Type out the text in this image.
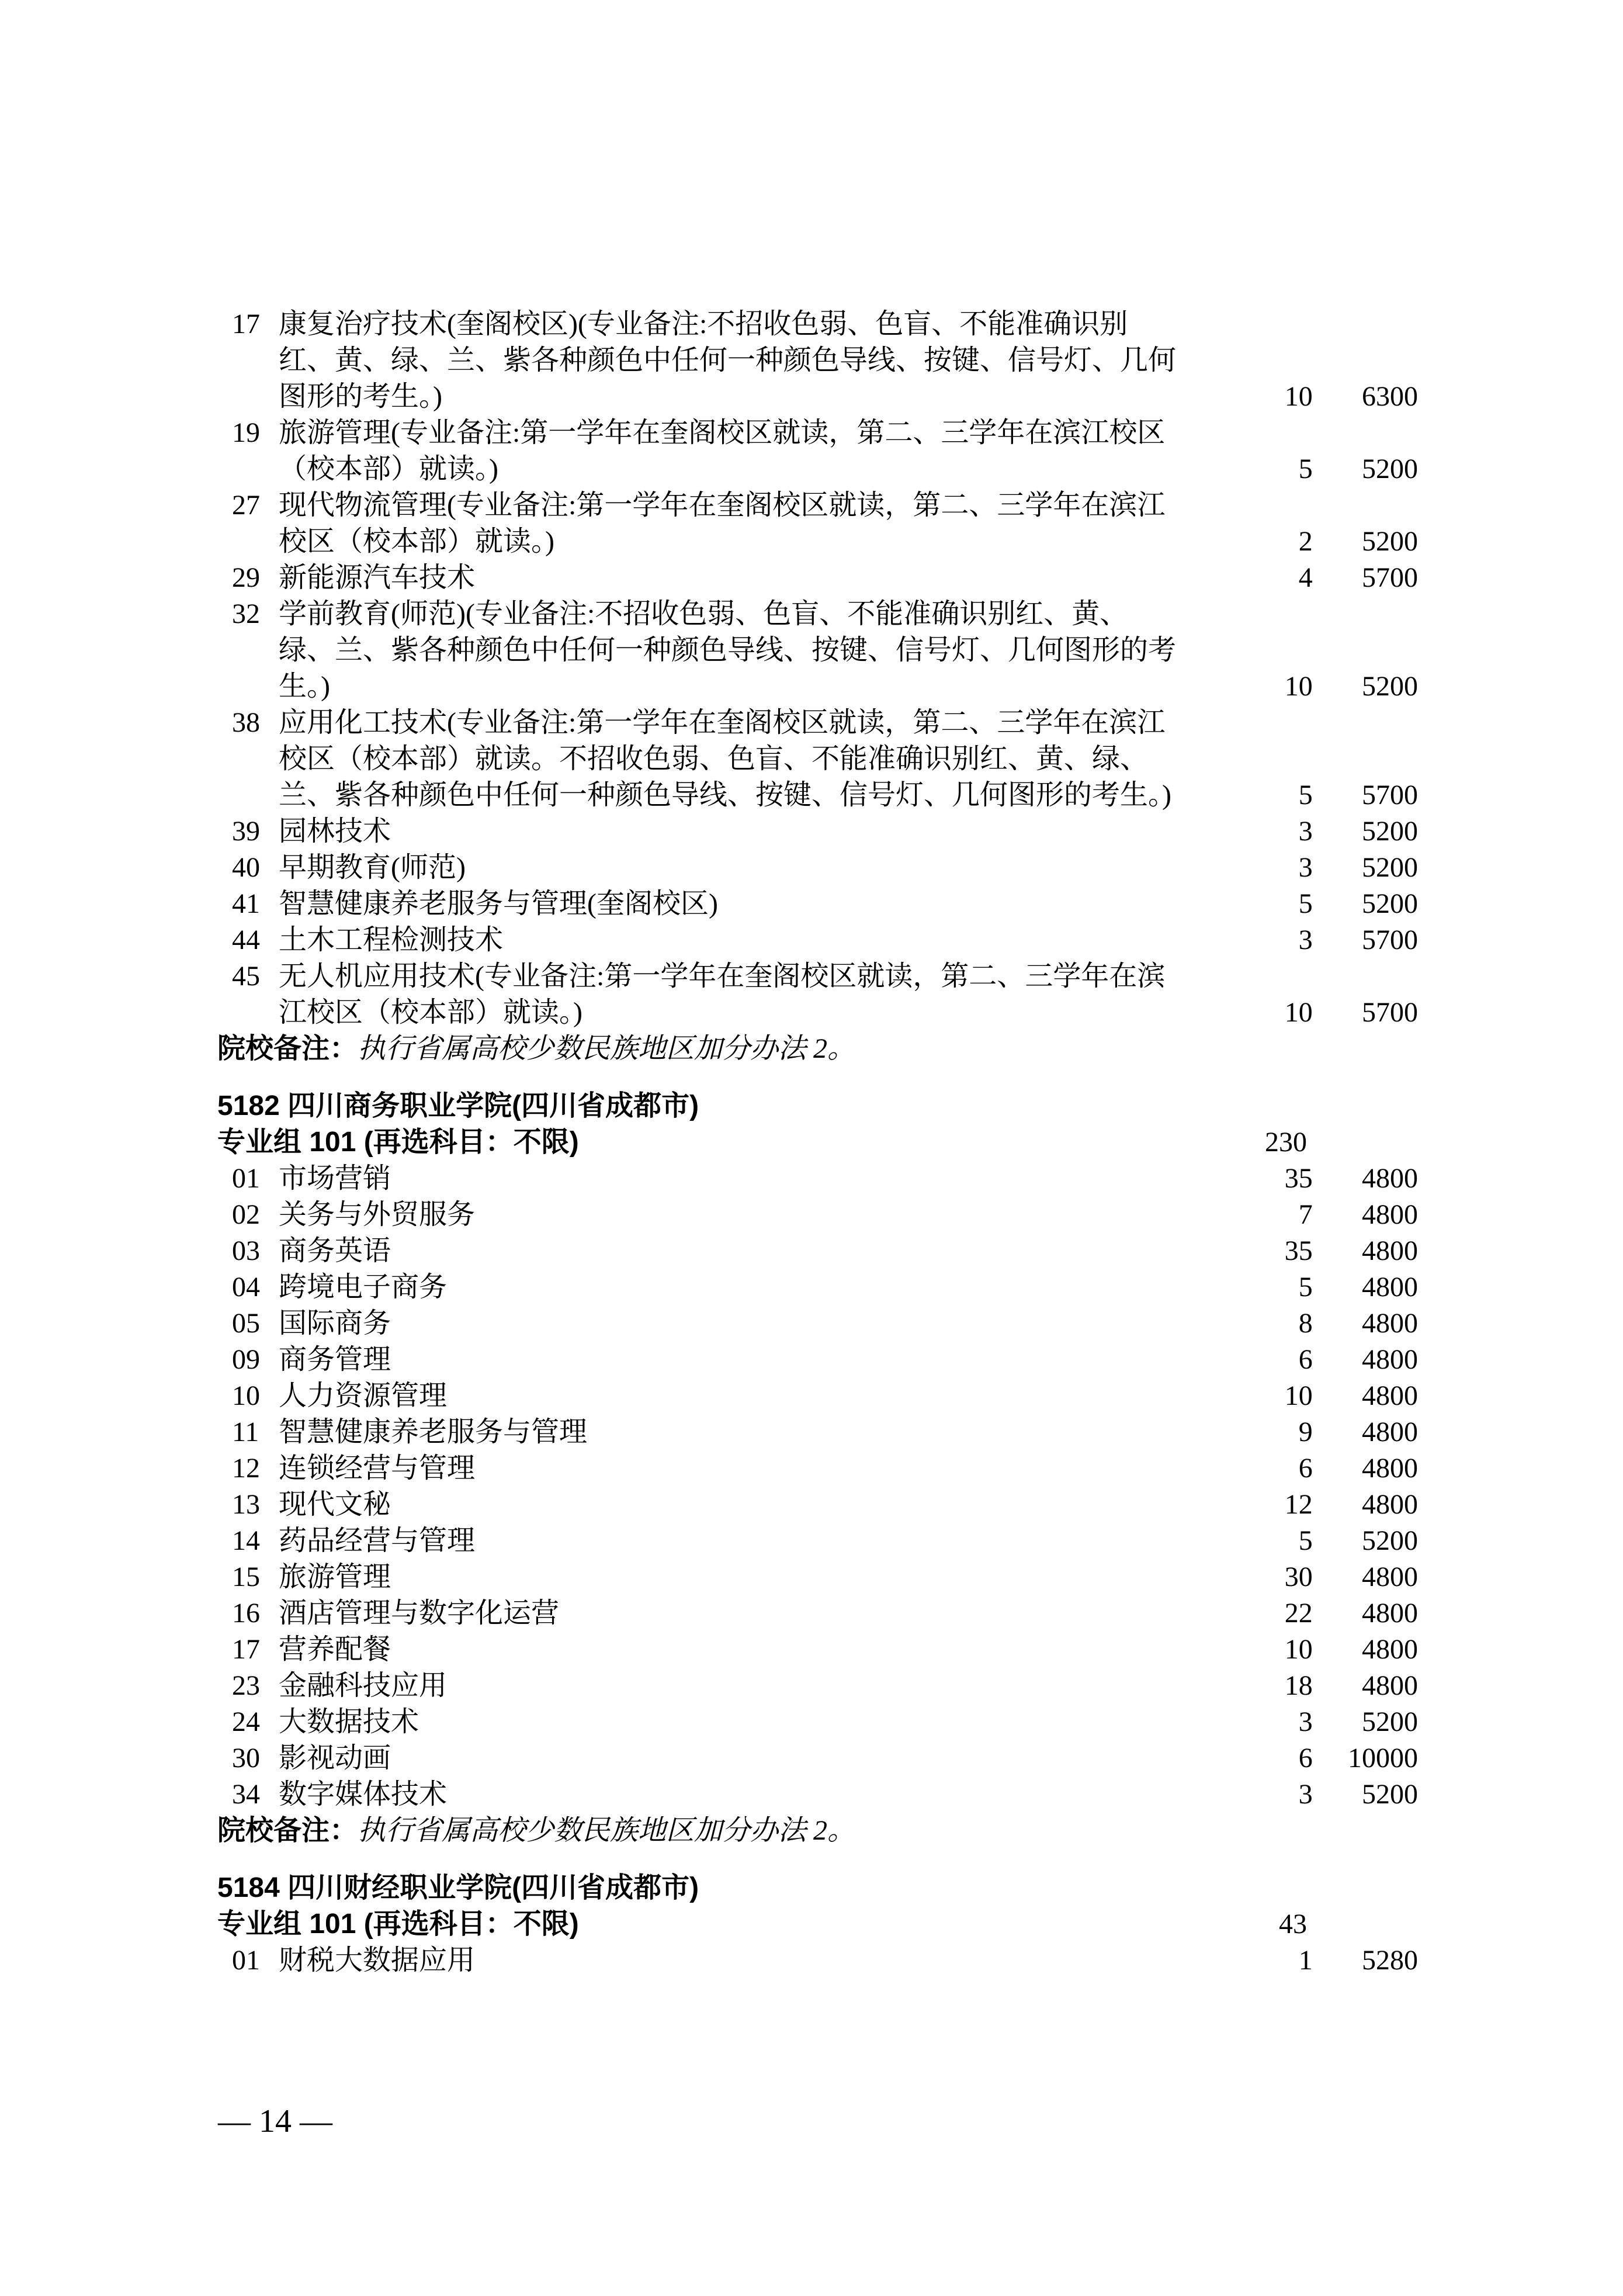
17 康复治疗技术(奎阁校区)(专业备注:不招收色弱、色盲、不能准确识别红、黄、绿、兰、紫各种颜色中任何一种颜色导线、按键、信号灯、几何图形的考生。)	10	6300
19 旅游管理(专业备注:第一学年在奎阁校区就读，第二、三学年在滨江校区（校本部）就读。)	5	5200
27 现代物流管理(专业备注:第一学年在奎阁校区就读，第二、三学年在滨江校区（校本部）就读。)	2	5200
29 新能源汽车技术	4	5700
32 学前教育(师范)(专业备注:不招收色弱、色盲、不能准确识别红、黄、绿、兰、紫各种颜色中任何一种颜色导线、按键、信号灯、几何图形的考生。)	10	5200
38 应用化工技术(专业备注:第一学年在奎阁校区就读，第二、三学年在滨江校区（校本部）就读。不招收色弱、色盲、不能准确识别红、黄、绿、兰、紫各种颜色中任何一种颜色导线、按键、信号灯、几何图形的考生。)	5	5700
39 园林技术	3	5200
40 早期教育(师范)	3	5200
41 智慧健康养老服务与管理(奎阁校区)	5	5200
44 土木工程检测技术	3	5700
45 无人机应用技术(专业备注:第一学年在奎阁校区就读，第二、三学年在滨江校区（校本部）就读。)	10	5700
院校备注：执行省属高校少数民族地区加分办法 2。
5182 四川商务职业学院(四川省成都市)
专业组 101 (再选科目：不限)	230
01 市场营销	35	4800
02 关务与外贸服务	7	4800
03 商务英语	35	4800
04 跨境电子商务	5	4800
05 国际商务	8	4800
09 商务管理	6	4800
10 人力资源管理	10	4800
11 智慧健康养老服务与管理	9	4800
12 连锁经营与管理	6	4800
13 现代文秘	12	4800
14 药品经营与管理	5	5200
15 旅游管理	30	4800
16 酒店管理与数字化运营	22	4800
17 营养配餐	10	4800
23 金融科技应用	18	4800
24 大数据技术	3	5200
30 影视动画	6	10000
34 数字媒体技术	3	5200
院校备注：执行省属高校少数民族地区加分办法 2。
5184 四川财经职业学院(四川省成都市)
专业组 101 (再选科目：不限)	43
01 财税大数据应用	1	5280
— 14 —
